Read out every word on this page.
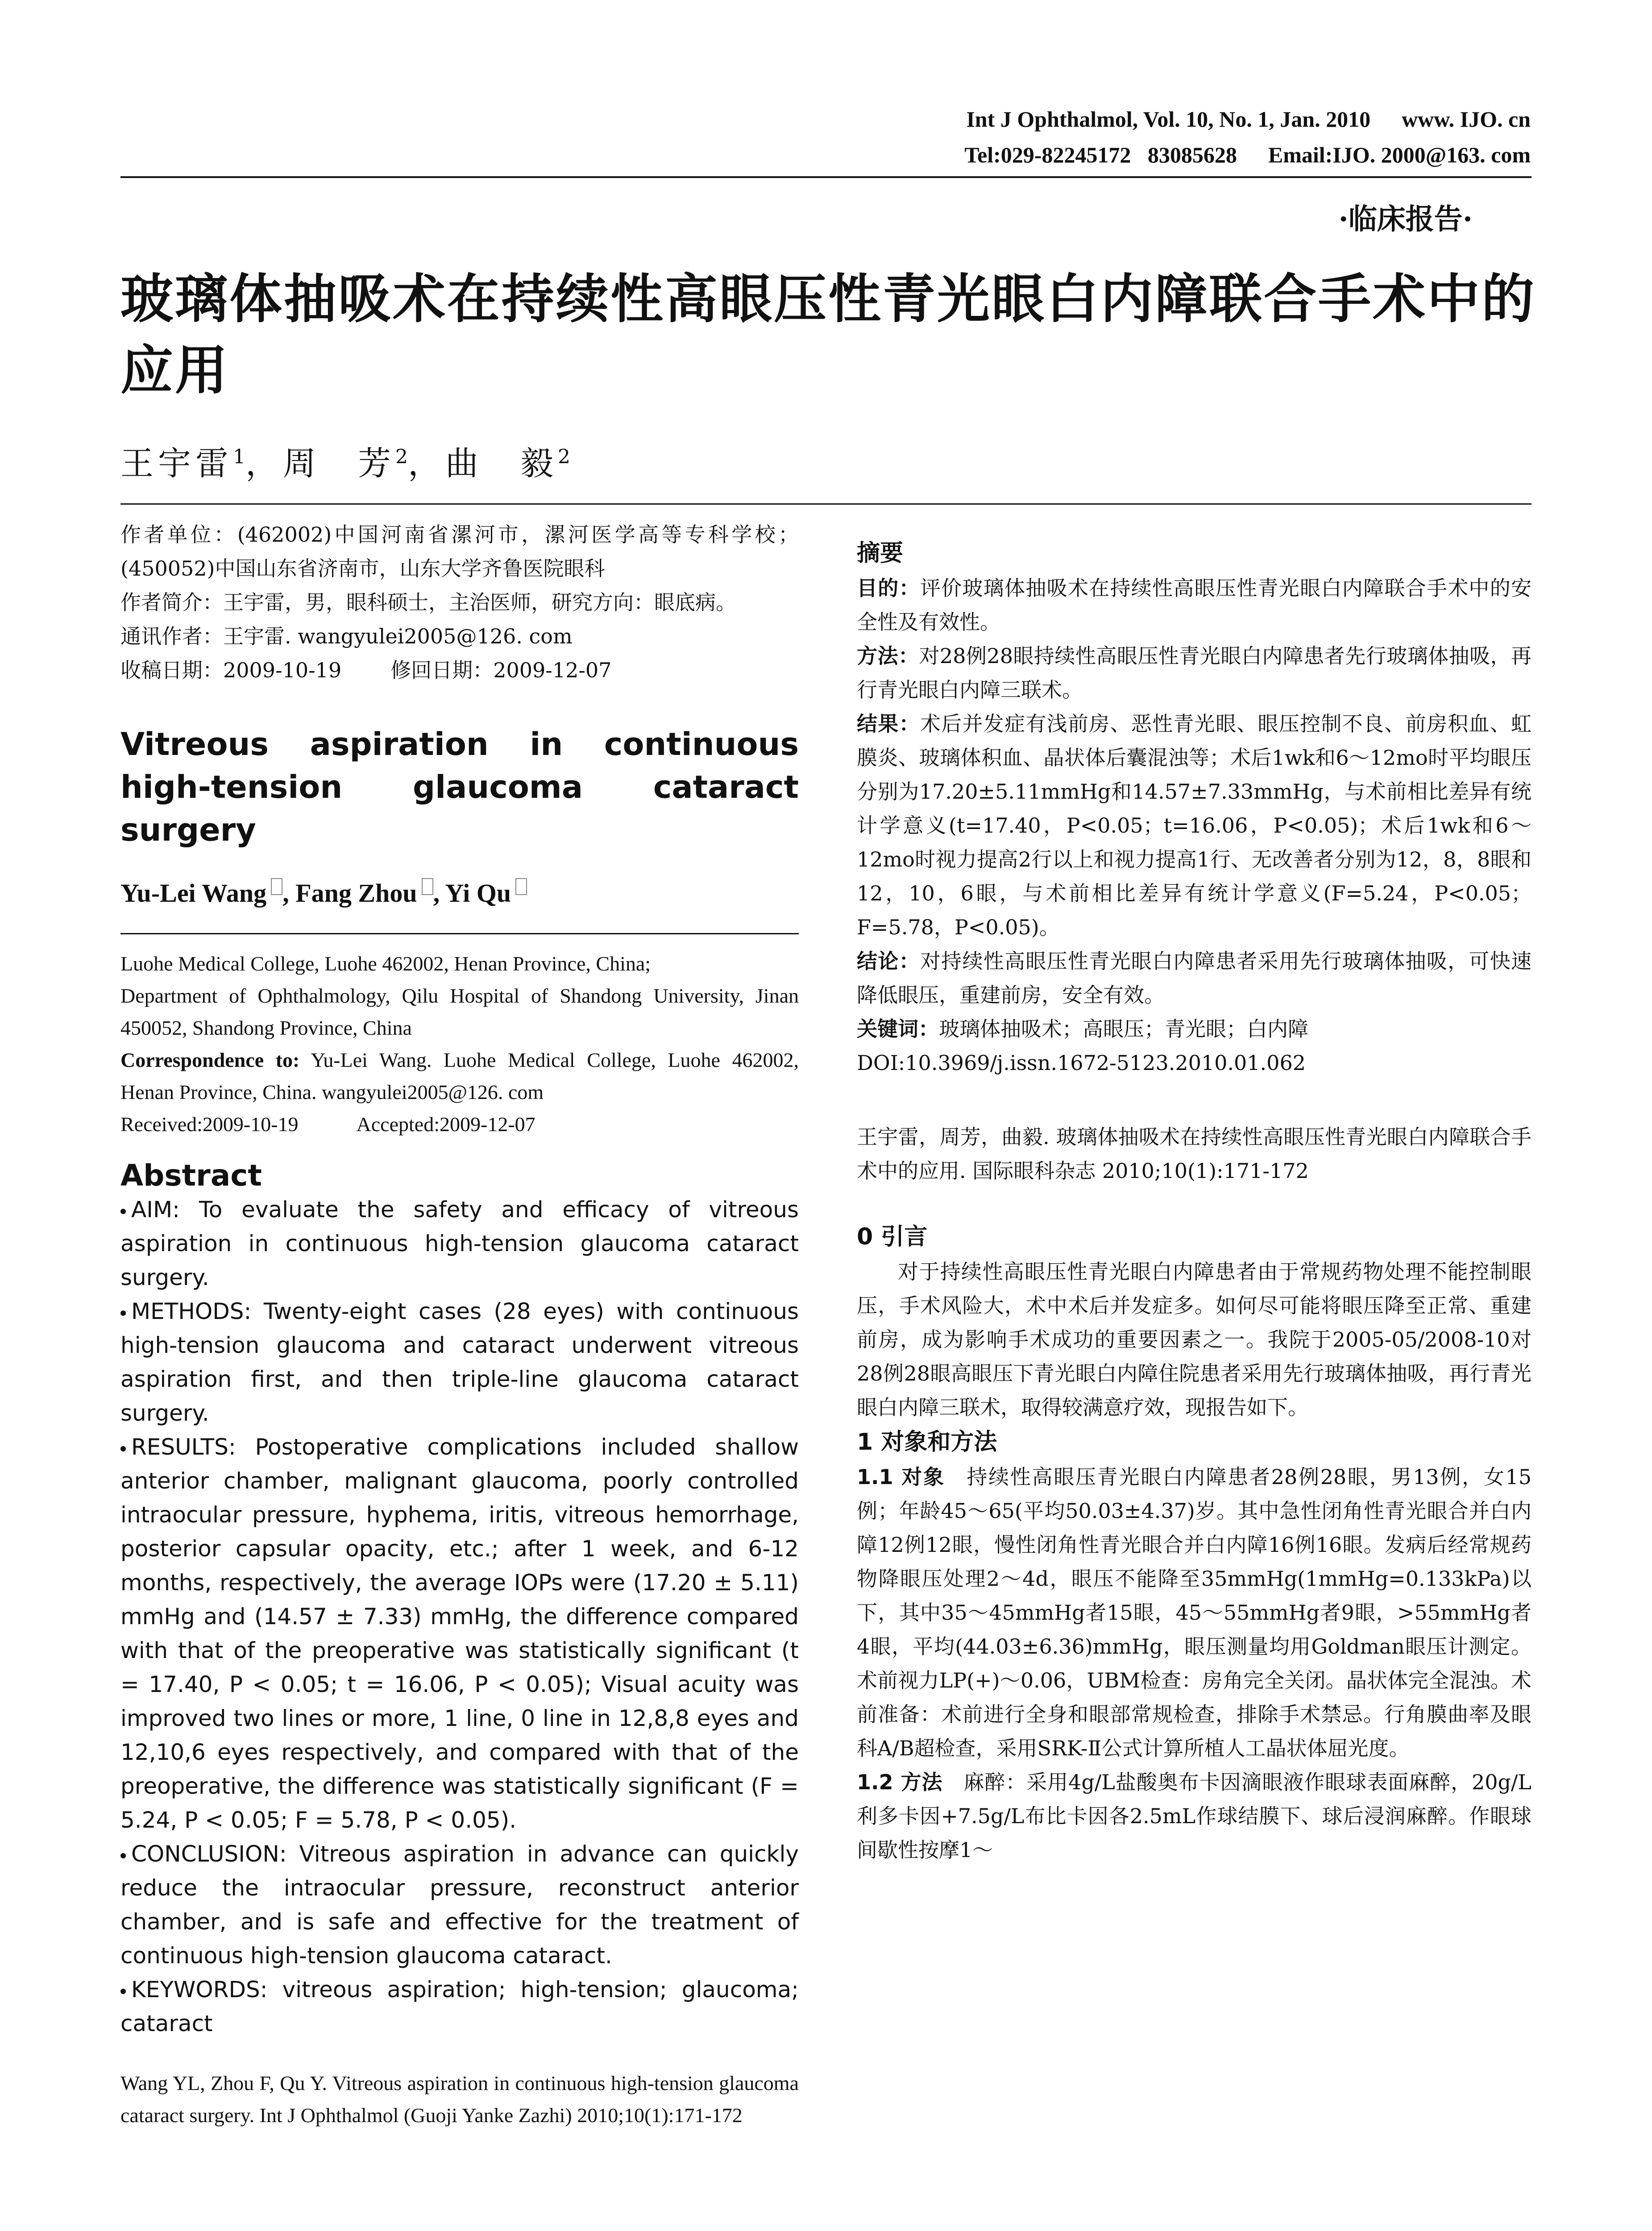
Int J Ophthalmol, Vol. 10, No. 1, Jan. 2010 www. IJO. cn
Tel:029-82245172   83085628 Email:IJO. 2000@163. com
·临床报告·
玻璃体抽吸术在持续性高眼压性青光眼白内障联合手术中的应用
王宇雷$^1$，周　芳$^2$，曲　毅$^2$

作者单位：(462002)中国河南省漯河市，漯河医学高等专科学校；(450052)中国山东省济南市，山东大学齐鲁医院眼科

作者简介：王宇雷，男，眼科硕士，主治医师，研究方向：眼底病。

通讯作者：王宇雷. wangyulei2005@126. com

收稿日期：2009-10-19 修回日期：2009-12-07

Vitreous aspiration in continuous high-tension glaucoma cataract surgery
Yu-Lei Wang , Fang Zhou , Yi Qu

Luohe Medical College, Luohe 462002, Henan Province, China;

Department of Ophthalmology, Qilu Hospital of Shandong University, Jinan 450052, Shandong Province, China

Correspondence to: Yu-Lei Wang. Luohe Medical College, Luohe 462002, Henan Province, China. wangyulei2005@126. com

Received:2009-10-19	Accepted:2009-12-07

Abstract

AIM: To evaluate the safety and efficacy of vitreous aspiration in continuous high-tension glaucoma cataract surgery.

METHODS: Twenty-eight cases (28 eyes) with continuous high-tension glaucoma and cataract underwent vitreous aspiration first, and then triple-line glaucoma cataract surgery.

RESULTS: Postoperative complications included shallow anterior chamber, malignant glaucoma, poorly controlled intraocular pressure, hyphema, iritis, vitreous hemorrhage, posterior capsular opacity, etc.; after 1 week, and 6-12 months, respectively, the average IOPs were (17.20 ± 5.11) mmHg and (14.57 ± 7.33) mmHg, the difference compared with that of the preoperative was statistically significant (t = 17.40, P < 0.05; t = 16.06, P < 0.05); Visual acuity was improved two lines or more, 1 line, 0 line in 12,8,8 eyes and 12,10,6 eyes respectively, and compared with that of the preoperative, the difference was statistically significant (F = 5.24, P < 0.05; F = 5.78, P < 0.05).

CONCLUSION: Vitreous aspiration in advance can quickly reduce the intraocular pressure, reconstruct anterior chamber, and is safe and effective for the treatment of continuous high-tension glaucoma cataract.

KEYWORDS: vitreous aspiration; high-tension; glaucoma; cataract

Wang YL, Zhou F, Qu Y. Vitreous aspiration in continuous high-tension glaucoma cataract surgery. Int J Ophthalmol (Guoji Yanke Zazhi) 2010;10(1):171-172
摘要

目的：评价玻璃体抽吸术在持续性高眼压性青光眼白内障联合手术中的安全性及有效性。

方法：对28例28眼持续性高眼压性青光眼白内障患者先行玻璃体抽吸，再行青光眼白内障三联术。

结果：术后并发症有浅前房、恶性青光眼、眼压控制不良、前房积血、虹膜炎、玻璃体积血、晶状体后囊混浊等；术后1wk和6～12mo时平均眼压分别为17.20±5.11mmHg和14.57±7.33mmHg，与术前相比差异有统计学意义(t=17.40，P<0.05；t=16.06，P<0.05)；术后1wk和6～12mo时视力提高2行以上和视力提高1行、无改善者分别为12，8，8眼和12，10，6眼，与术前相比差异有统计学意义(F=5.24，P<0.05；F=5.78，P<0.05)。

结论：对持续性高眼压性青光眼白内障患者采用先行玻璃体抽吸，可快速降低眼压，重建前房，安全有效。

关键词：玻璃体抽吸术；高眼压；青光眼；白内障

DOI:10.3969/j.issn.1672-5123.2010.01.062

王宇雷，周芳，曲毅. 玻璃体抽吸术在持续性高眼压性青光眼白内障联合手术中的应用. 国际眼科杂志 2010;10(1):171-172

0 引言

对于持续性高眼压性青光眼白内障患者由于常规药物处理不能控制眼压，手术风险大，术中术后并发症多。如何尽可能将眼压降至正常、重建前房，成为影响手术成功的重要因素之一。我院于2005-05/2008-10对28例28眼高眼压下青光眼白内障住院患者采用先行玻璃体抽吸，再行青光眼白内障三联术，取得较满意疗效，现报告如下。

1 对象和方法

1.1 对象　 持续性高眼压青光眼白内障患者28例28眼，男13例，女15例；年龄45～65(平均50.03±4.37)岁。其中急性闭角性青光眼合并白内障12例12眼，慢性闭角性青光眼合并白内障16例16眼。发病后经常规药物降眼压处理2～4d，眼压不能降至35mmHg(1mmHg=0.133kPa)以下，其中35～45mmHg者15眼，45～55mmHg者9眼，>55mmHg者4眼，平均(44.03±6.36)mmHg，眼压测量均用Goldman眼压计测定。术前视力LP(+)～0.06，UBM检查：房角完全关闭。晶状体完全混浊。术前准备：术前进行全身和眼部常规检查，排除手术禁忌。行角膜曲率及眼科A/B超检查，采用SRK-Ⅱ公式计算所植人工晶状体屈光度。

1.2 方法　 麻醉：采用4g/L盐酸奥布卡因滴眼液作眼球表面麻醉，20g/L利多卡因+7.5g/L布比卡因各2.5mL作球结膜下、球后浸润麻醉。作眼球间歇性按摩1～
